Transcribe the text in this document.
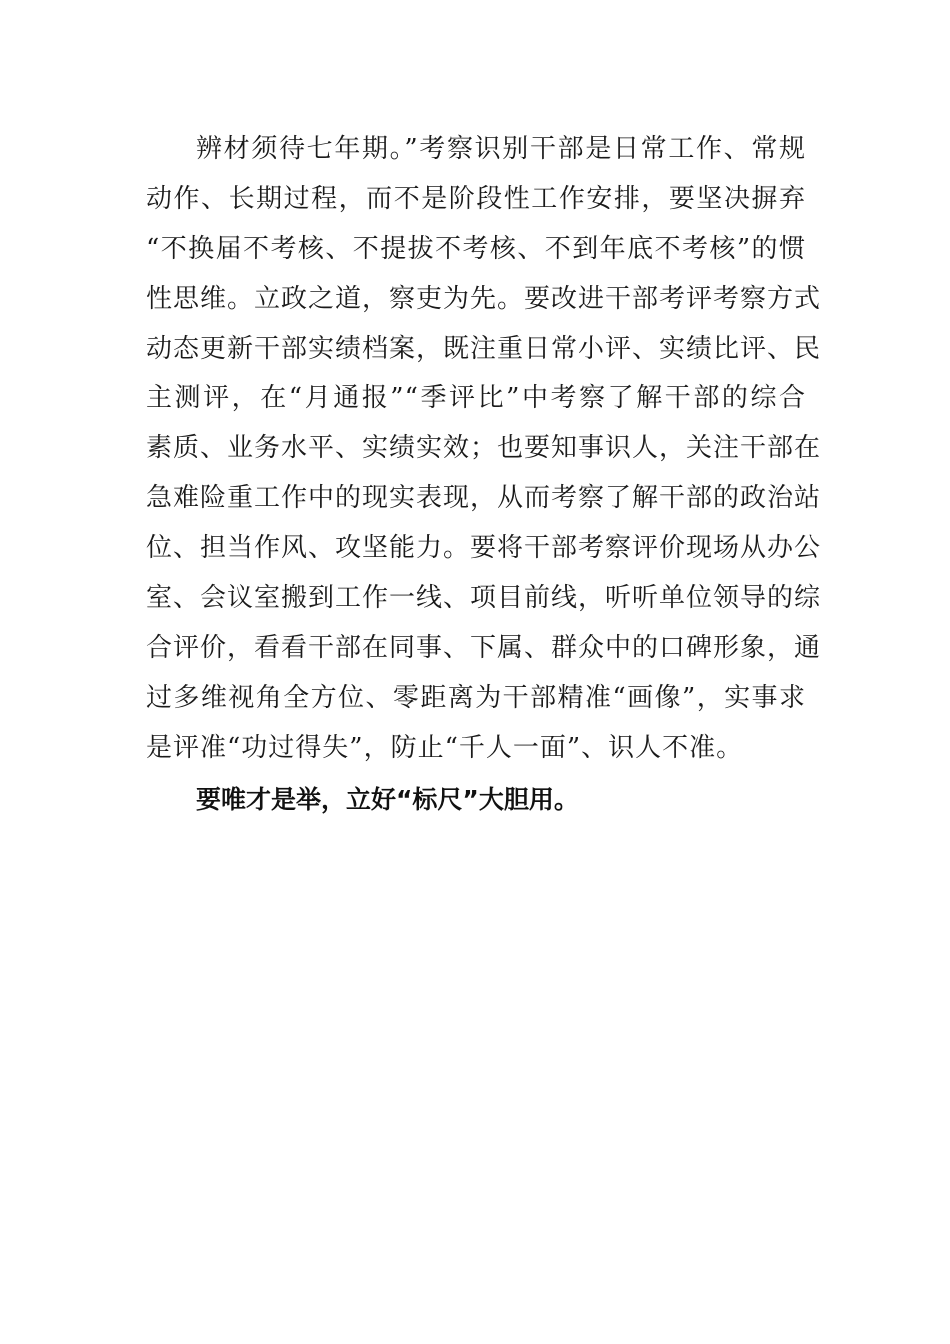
辨材须待七年期。”考察识别干部是日常工作、常规
动作、长期过程，而不是阶段性工作安排，要坚决摒弃
“不换届不考核、不提拔不考核、不到年底不考核”的惯
性思维。立政之道，察吏为先。要改进干部考评考察方式
动态更新干部实绩档案，既注重日常小评、实绩比评、民
主测评，在“月通报”“季评比”中考察了解干部的综合
素质、业务水平、实绩实效；也要知事识人，关注干部在
急难险重工作中的现实表现，从而考察了解干部的政治站
位、担当作风、攻坚能力。要将干部考察评价现场从办公
室、会议室搬到工作一线、项目前线，听听单位领导的综
合评价，看看干部在同事、下属、群众中的口碑形象，通
过多维视角全方位、零距离为干部精准“画像”，实事求
是评准“功过得失”，防止“千人一面”、识人不准。
要唯才是举，立好“标尺”大胆用。
